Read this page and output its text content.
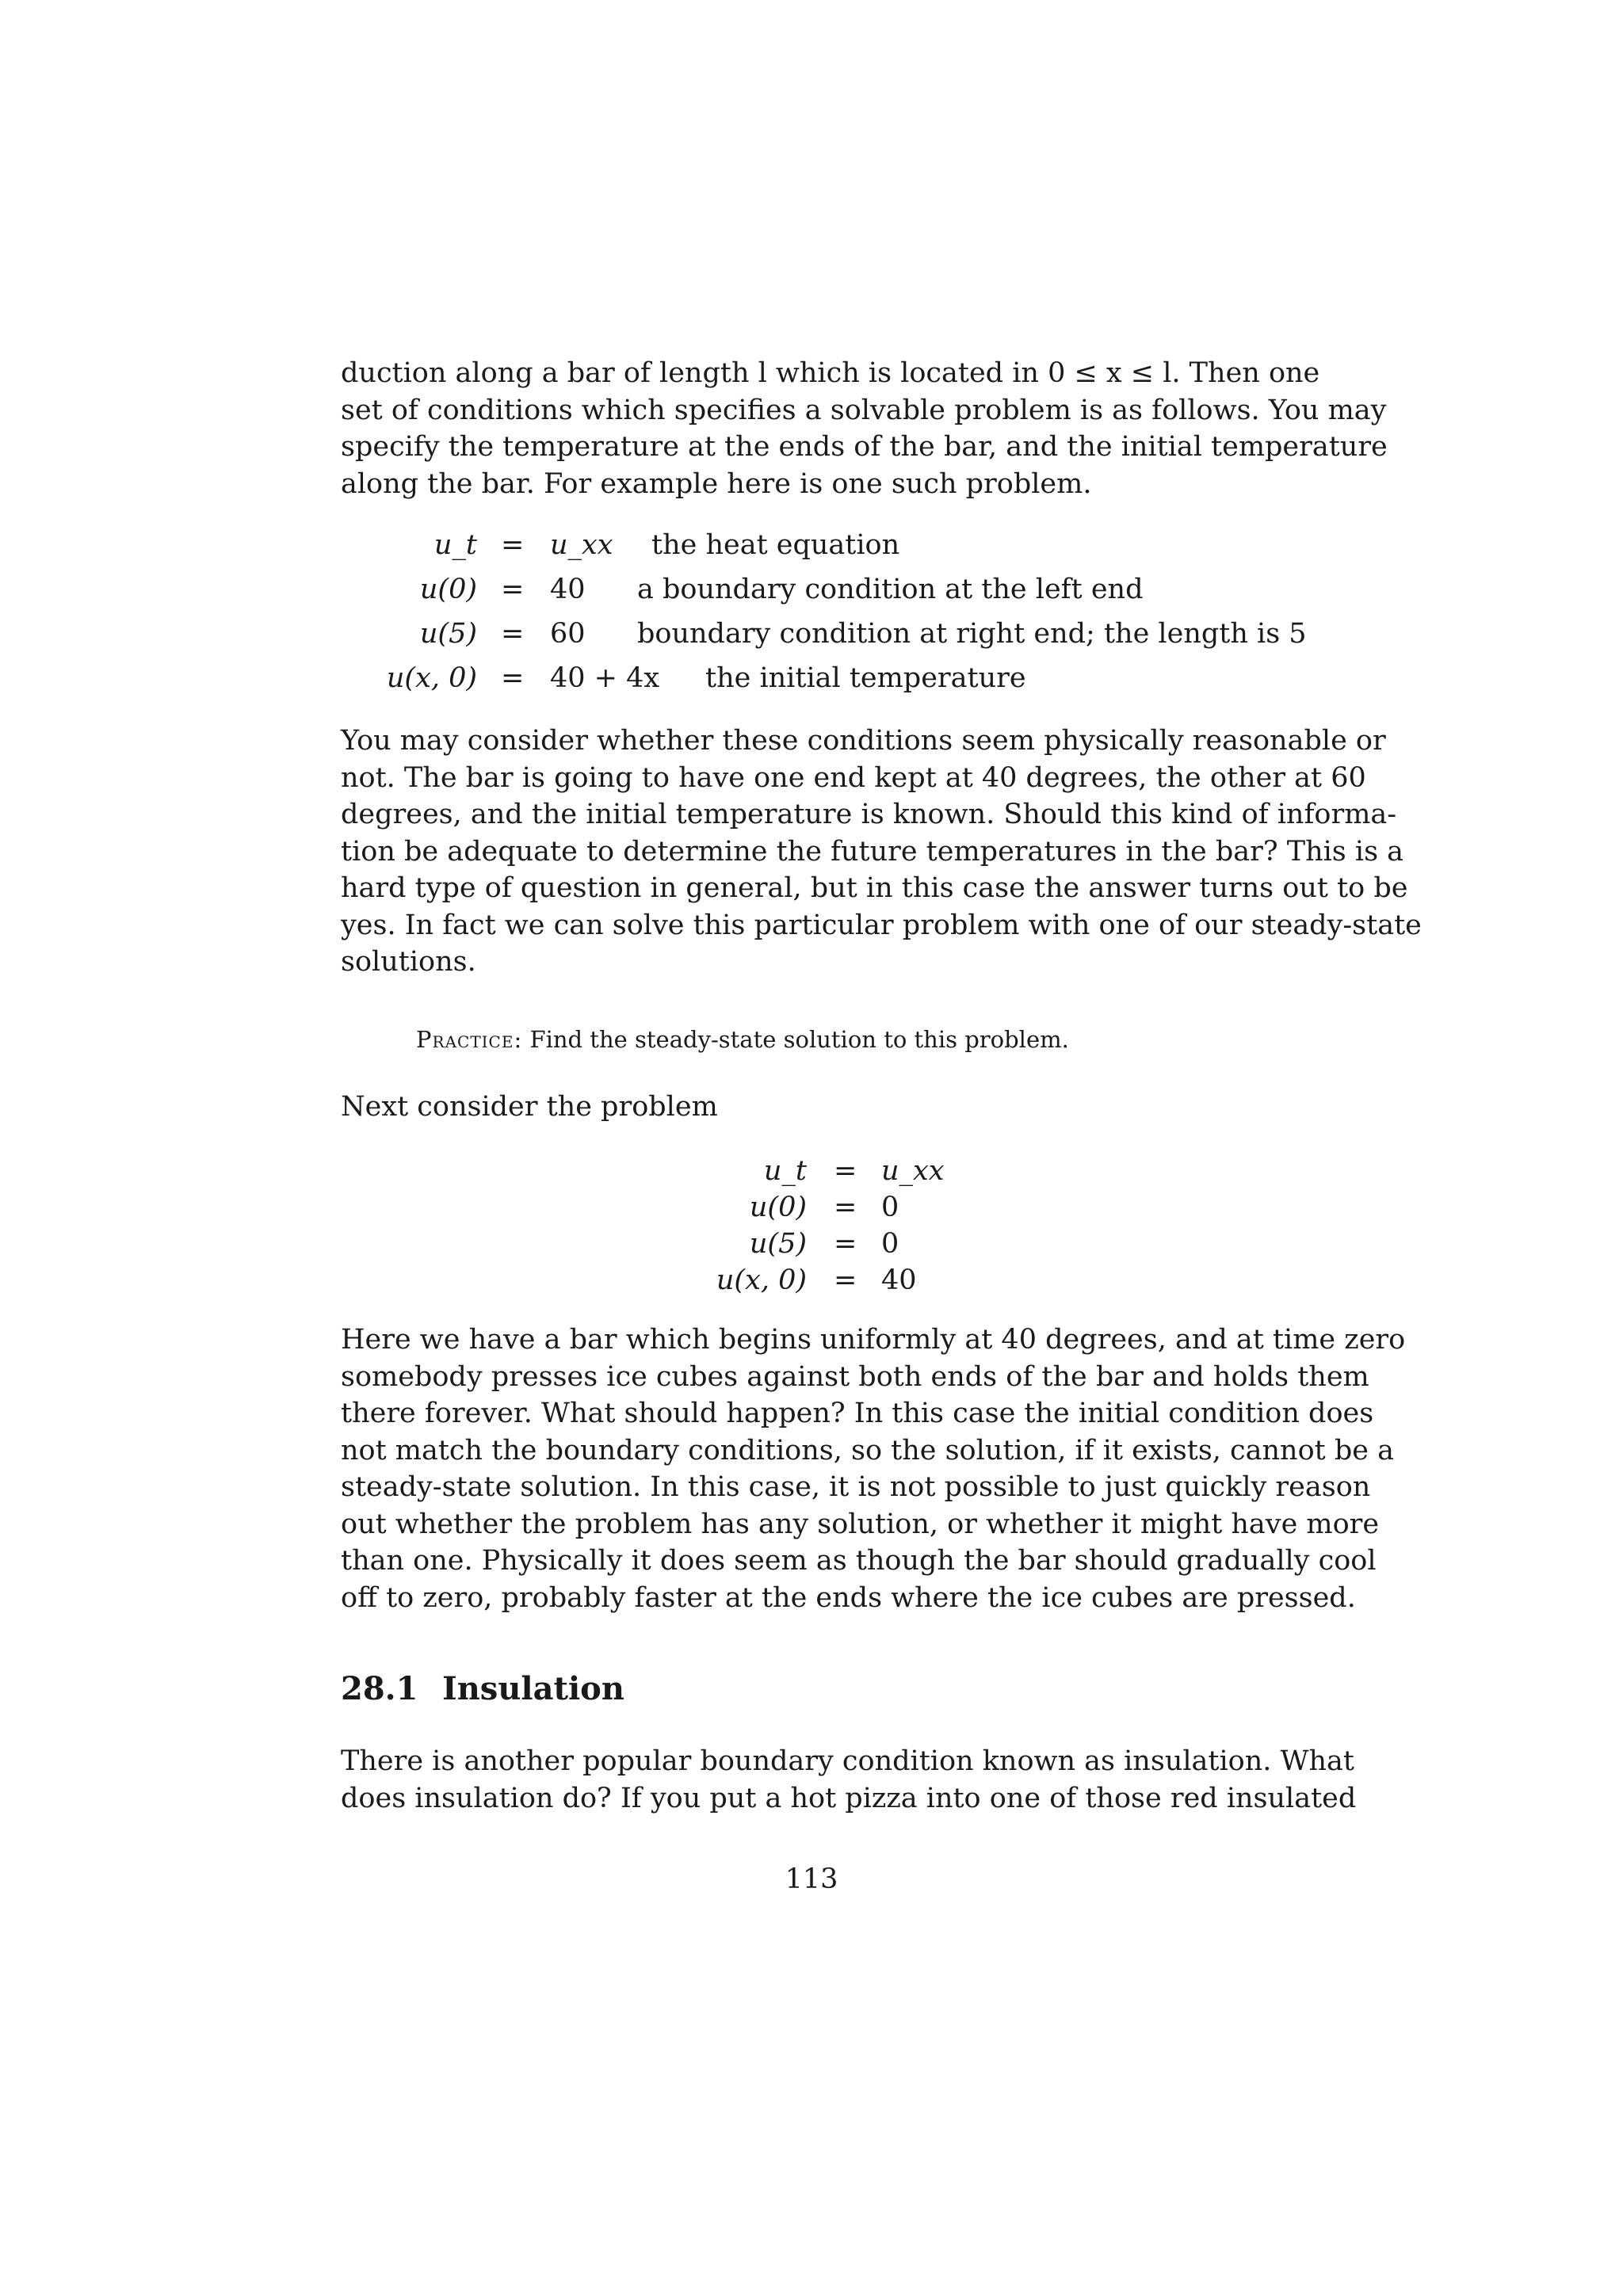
duction along a bar of length l which is located in 0 ≤ x ≤ l. Then one
set of conditions which specifies a solvable problem is as follows. You may
specify the temperature at the ends of the bar, and the initial temperature
along the bar. For example here is one such problem.
u_t = u_xx the heat equation
u(0) = 40 a boundary condition at the left end
u(5) = 60 boundary condition at right end; the length is 5
u(x, 0) = 40 + 4x the initial temperature
You may consider whether these conditions seem physically reasonable or
not. The bar is going to have one end kept at 40 degrees, the other at 60
degrees, and the initial temperature is known. Should this kind of informa-
tion be adequate to determine the future temperatures in the bar? This is a
hard type of question in general, but in this case the answer turns out to be
yes. In fact we can solve this particular problem with one of our steady-state
solutions.
Practice: Find the steady-state solution to this problem.
Next consider the problem
u_t = u_xx
u(0) = 0
u(5) = 0
u(x, 0) = 40
Here we have a bar which begins uniformly at 40 degrees, and at time zero
somebody presses ice cubes against both ends of the bar and holds them
there forever. What should happen? In this case the initial condition does
not match the boundary conditions, so the solution, if it exists, cannot be a
steady-state solution. In this case, it is not possible to just quickly reason
out whether the problem has any solution, or whether it might have more
than one. Physically it does seem as though the bar should gradually cool
off to zero, probably faster at the ends where the ice cubes are pressed.
28.1 Insulation
There is another popular boundary condition known as insulation. What
does insulation do? If you put a hot pizza into one of those red insulated
113
